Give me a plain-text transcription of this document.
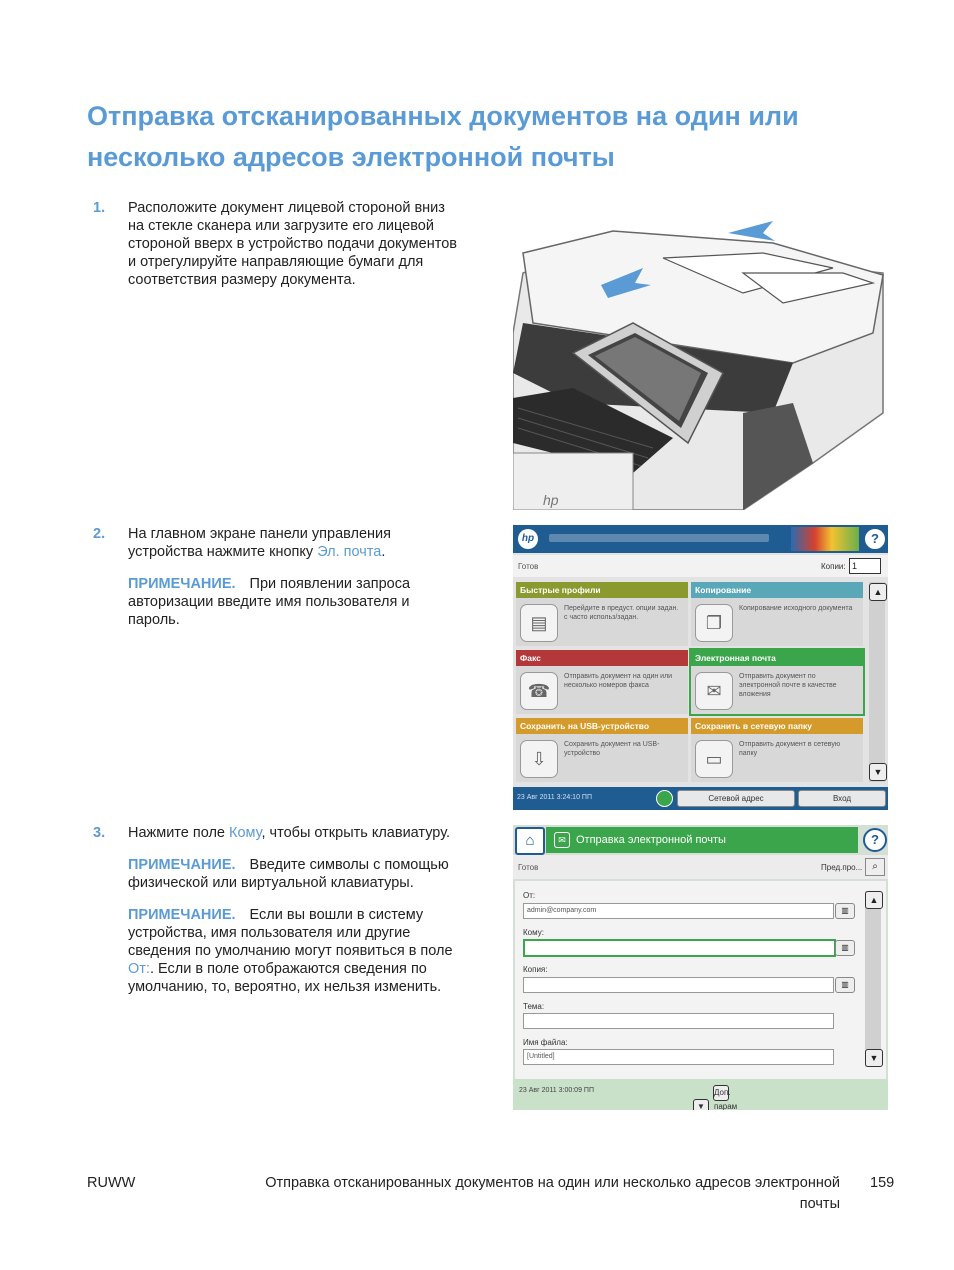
Отправка отсканированных документов на один или
несколько адресов электронной почты
1. Расположите документ лицевой стороной вниз на стекле сканера или загрузите его лицевой стороной вверх в устройство подачи документов и отрегулируйте направляющие бумаги для соответствия размеру документа.

2. На главном экране панели управления устройства нажмите кнопку Эл. почта.

ПРИМЕЧАНИЕ. При появлении запроса авторизации введите имя пользователя и пароль.

3. Нажмите поле Кому, чтобы открыть клавиатуру.

ПРИМЕЧАНИЕ. Введите символы с помощью физической или виртуальной клавиатуры.

ПРИМЕЧАНИЕ. Если вы вошли в систему устройства, имя пользователя или другие сведения по умолчанию могут появиться в поле От:. Если в поле отображаются сведения по умолчанию, то, вероятно, их нельзя изменить.

hp
hp	?
Готов	Копии: 1
Быстрые профили
▤
Перейдите в предуст. опции задан. с часто использ/задан.
Копирование
❐
Копирование исходного документа
Факс
☎
Отправить документ на один или несколько номеров факса
Электронная почта
✉
Отправить документ по электронной почте в качестве вложения
Сохранить на USB-устройство
⇩
Сохранить документ на USB-устройство
Сохранить в сетевую папку
▭
Отправить документ в сетевую папку
▲
▼
23 Авг 2011 3:24:10 ПП	Сетевой адрес	Вход
⌂	✉ Отправка электронной почты	?
Готов	Пред.про... ⌕
От:
admin@company.com	▥
Кому:
▥
Копия:
▥
Тема:
Имя файла:
[Untitled]
▲
▼
23 Авг 2011 3:00:09 ПП
▼Доп. парам
RUWW	Отправка отсканированных документов на один или несколько адресов электронной
почты
159
